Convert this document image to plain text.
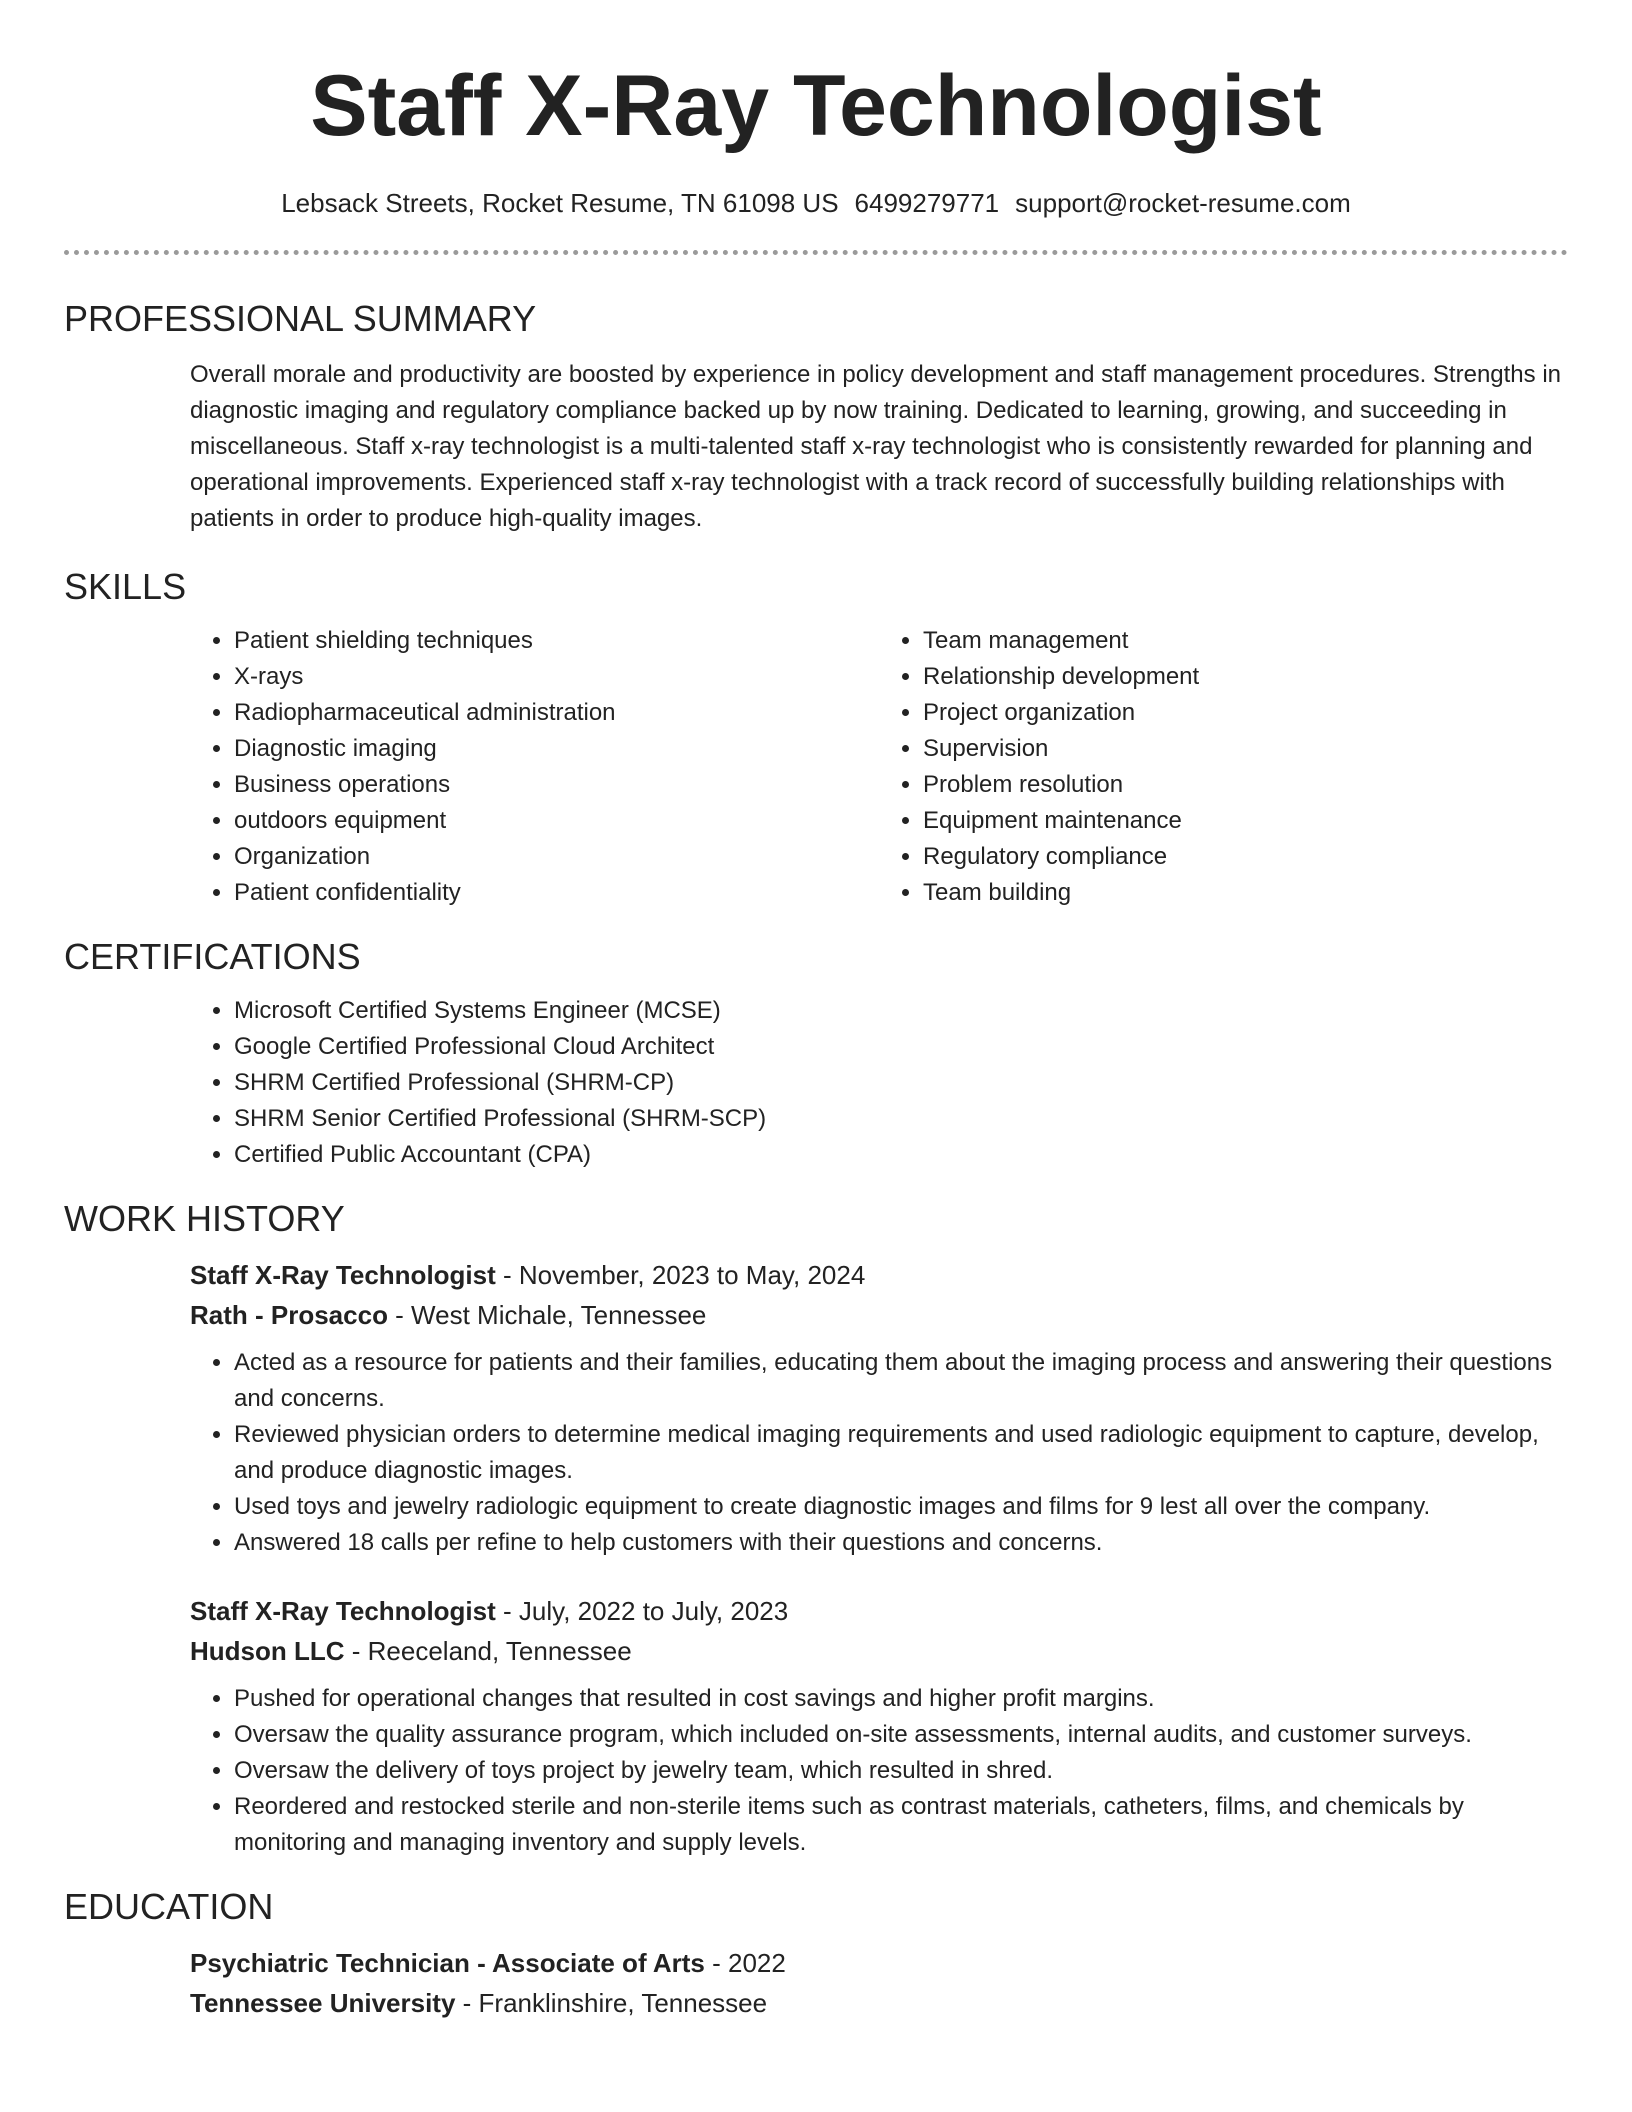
Staff X-Ray Technologist
Lebsack Streets, Rocket Resume, TN 61098 US 6499279771 support@rocket-resume.com
PROFESSIONAL SUMMARY

Overall morale and productivity are boosted by experience in policy development and staff management procedures. Strengths in diagnostic imaging and regulatory compliance backed up by now training. Dedicated to learning, growing, and succeeding in miscellaneous. Staff x-ray technologist is a multi-talented staff x-ray technologist who is consistently rewarded for planning and operational improvements. Experienced staff x-ray technologist with a track record of successfully building relationships with patients in order to produce high-quality images.

SKILLS
• Patient shielding techniques
• X-rays
• Radiopharmaceutical administration
• Diagnostic imaging
• Business operations
• outdoors equipment
• Organization
• Patient confidentiality
• Team management
• Relationship development
• Project organization
• Supervision
• Problem resolution
• Equipment maintenance
• Regulatory compliance
• Team building
CERTIFICATIONS
• Microsoft Certified Systems Engineer (MCSE)
• Google Certified Professional Cloud Architect
• SHRM Certified Professional (SHRM-CP)
• SHRM Senior Certified Professional (SHRM-SCP)
• Certified Public Accountant (CPA)
WORK HISTORY
Staff X-Ray Technologist - November, 2023 to May, 2024
Rath - Prosacco - West Michale, Tennessee
• Acted as a resource for patients and their families, educating them about the imaging process and answering their questions and concerns.
• Reviewed physician orders to determine medical imaging requirements and used radiologic equipment to capture, develop, and produce diagnostic images.
• Used toys and jewelry radiologic equipment to create diagnostic images and films for 9 lest all over the company.
• Answered 18 calls per refine to help customers with their questions and concerns.
Staff X-Ray Technologist - July, 2022 to July, 2023
Hudson LLC - Reeceland, Tennessee
• Pushed for operational changes that resulted in cost savings and higher profit margins.
• Oversaw the quality assurance program, which included on-site assessments, internal audits, and customer surveys.
• Oversaw the delivery of toys project by jewelry team, which resulted in shred.
• Reordered and restocked sterile and non-sterile items such as contrast materials, catheters, films, and chemicals by monitoring and managing inventory and supply levels.
EDUCATION
Psychiatric Technician - Associate of Arts - 2022
Tennessee University - Franklinshire, Tennessee
